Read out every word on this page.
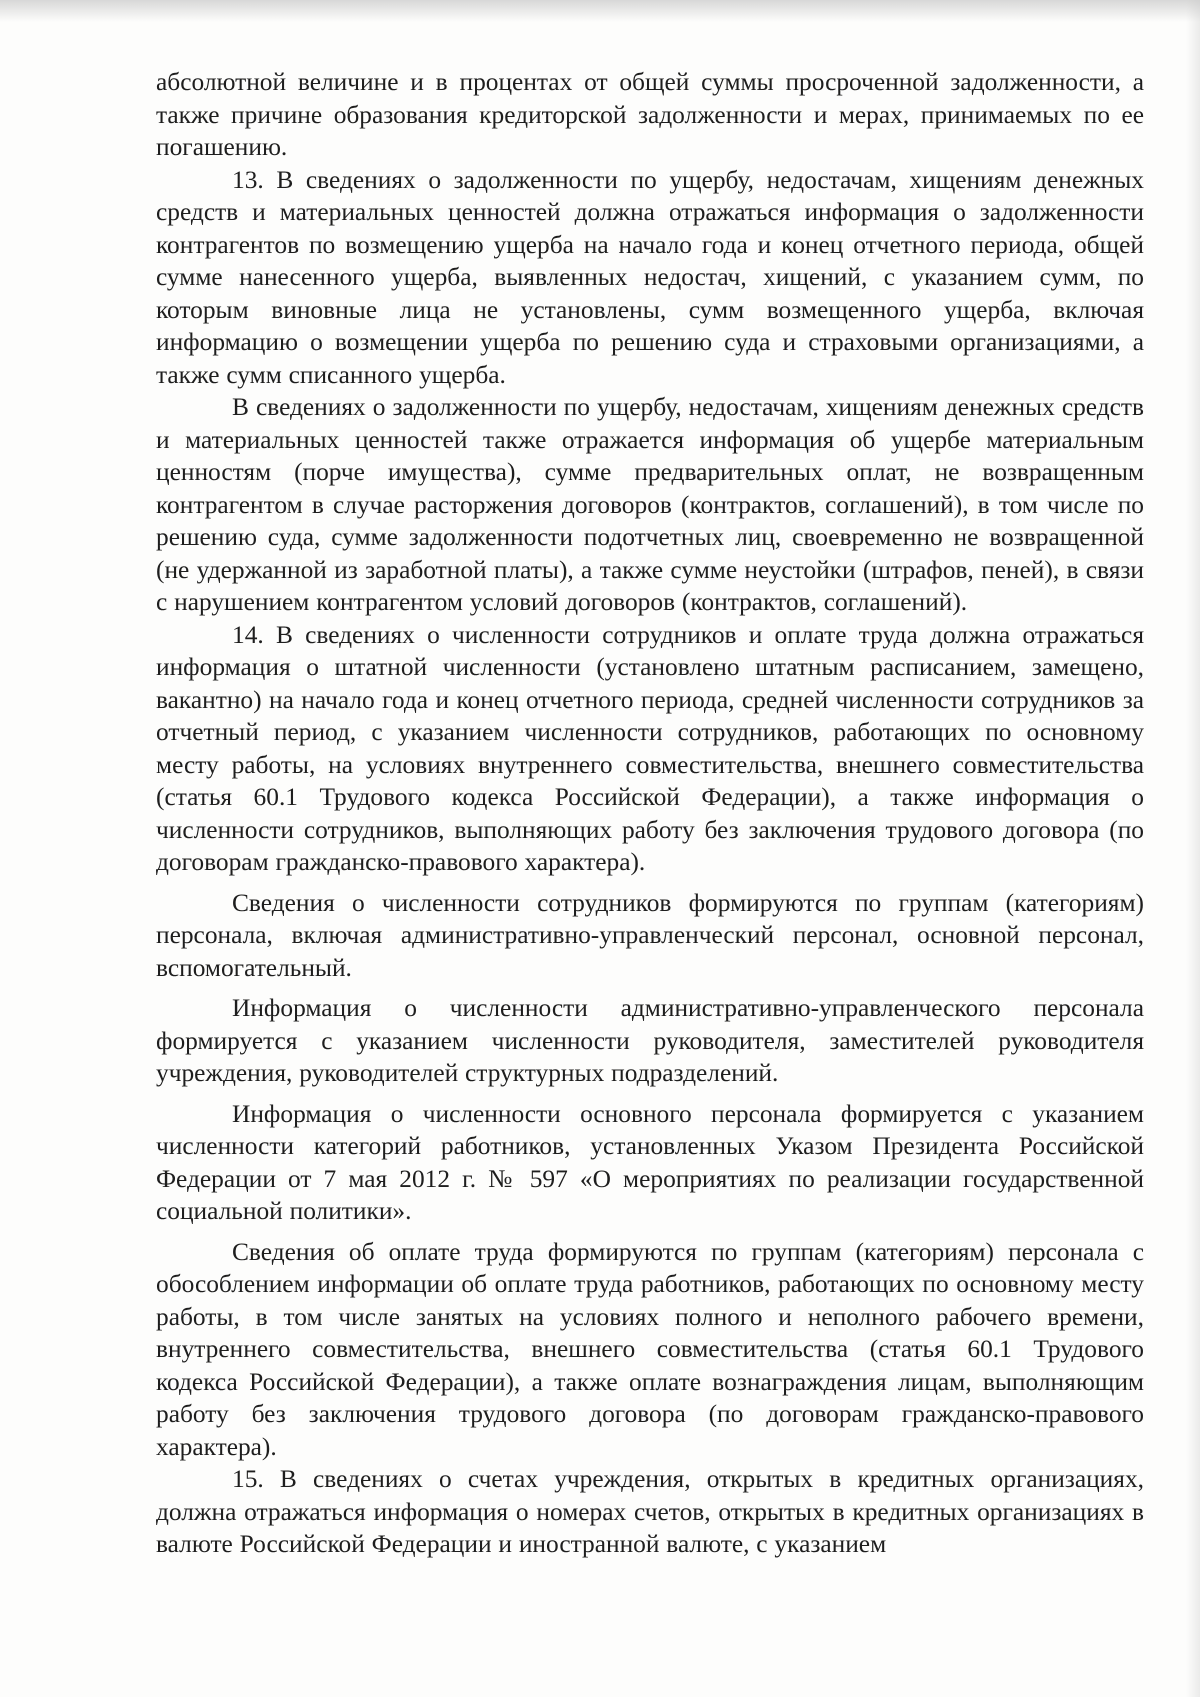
абсолютной величине и в процентах от общей суммы просроченной задолженности, а также причине образования кредиторской задолженности и мерах, принимаемых по ее погашению.

13. В сведениях о задолженности по ущербу, недостачам, хищениям денежных средств и материальных ценностей должна отражаться информация о задолженности контрагентов по возмещению ущерба на начало года и конец отчетного периода, общей сумме нанесенного ущерба, выявленных недостач, хищений, с указанием сумм, по которым виновные лица не установлены, сумм возмещенного ущерба, включая информацию о возмещении ущерба по решению суда и страховыми организациями, а также сумм списанного ущерба.

В сведениях о задолженности по ущербу, недостачам, хищениям денежных средств и материальных ценностей также отражается информация об ущербе материальным ценностям (порче имущества), сумме предварительных оплат, не возвращенным контрагентом в случае расторжения договоров (контрактов, соглашений), в том числе по решению суда, сумме задолженности подотчетных лиц, своевременно не возвращенной (не удержанной из заработной платы), а также сумме неустойки (штрафов, пеней), в связи с нарушением контрагентом условий договоров (контрактов, соглашений).

14. В сведениях о численности сотрудников и оплате труда должна отражаться информация о штатной численности (установлено штатным расписанием, замещено, вакантно) на начало года и конец отчетного периода, средней численности сотрудников за отчетный период, с указанием численности сотрудников, работающих по основному месту работы, на условиях внутреннего совместительства, внешнего совместительства (статья 60.1 Трудового кодекса Российской Федерации), а также информация о численности сотрудников, выполняющих работу без заключения трудового договора (по договорам гражданско-правового характера).

Сведения о численности сотрудников формируются по группам (категориям) персонала, включая административно-управленческий персонал, основной персонал, вспомогательный.

Информация о численности административно-управленческого персонала формируется с указанием численности руководителя, заместителей руководителя учреждения, руководителей структурных подразделений.

Информация о численности основного персонала формируется с указанием численности категорий работников, установленных Указом Президента Российской Федерации от 7 мая 2012 г. № 597 «О мероприятиях по реализации государственной социальной политики».

Сведения об оплате труда формируются по группам (категориям) персонала с обособлением информации об оплате труда работников, работающих по основному месту работы, в том числе занятых на условиях полного и неполного рабочего времени, внутреннего совместительства, внешнего совместительства (статья 60.1 Трудового кодекса Российской Федерации), а также оплате вознаграждения лицам, выполняющим работу без заключения трудового договора (по договорам гражданско-правового характера).

15. В сведениях о счетах учреждения, открытых в кредитных организациях, должна отражаться информация о номерах счетов, открытых в кредитных организациях в валюте Российской Федерации и иностранной валюте, с указанием
